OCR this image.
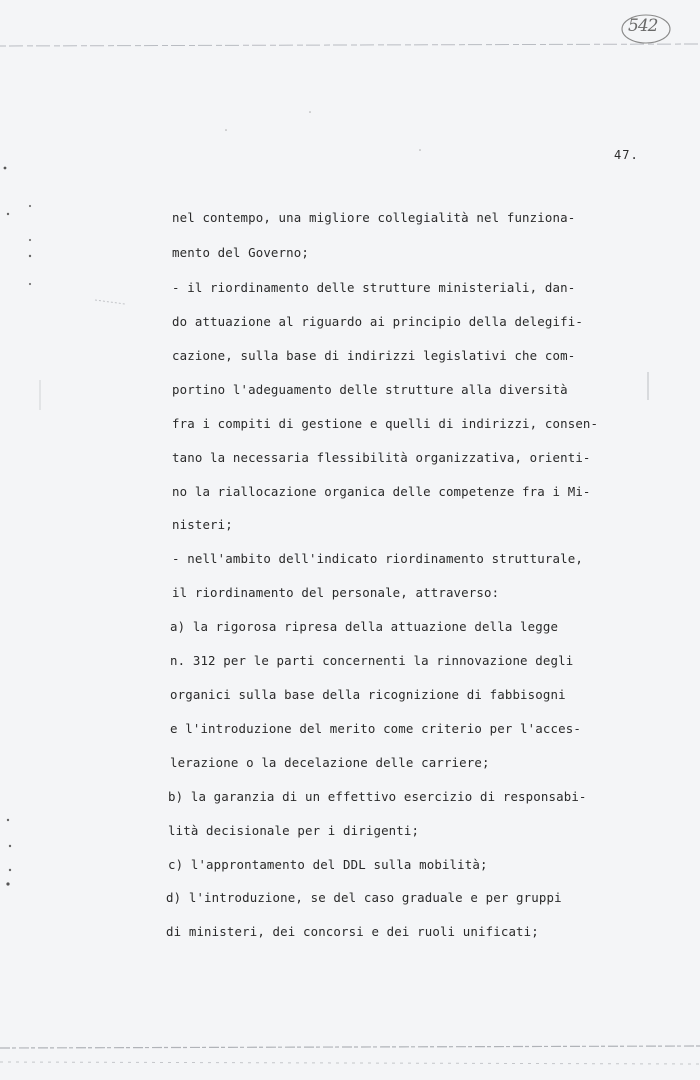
542
47.
nel contempo, una migliore collegialità nel funziona-
mento del Governo;
- il riordinamento delle strutture ministeriali, dan-
do attuazione al riguardo ai principio della delegifi-
cazione, sulla base di indirizzi legislativi che com-
portino l'adeguamento delle strutture alla diversità
fra i compiti di gestione e quelli di indirizzi, consen-
tano la necessaria flessibilità organizzativa, orienti-
no la riallocazione organica delle competenze fra i Mi-
nisteri;
- nell'ambito dell'indicato riordinamento strutturale,
il riordinamento del personale, attraverso:
a) la rigorosa ripresa della attuazione della legge
n. 312 per le parti concernenti la rinnovazione degli
organici sulla base della ricognizione di fabbisogni
e l'introduzione del merito come criterio per l'acces-
lerazione o la decelazione delle carriere;
b) la garanzia di un effettivo esercizio di responsabi-
lità decisionale per i dirigenti;
c) l'approntamento del DDL sulla mobilità;
d) l'introduzione, se del caso graduale e per gruppi
di ministeri, dei concorsi e dei ruoli unificati;
